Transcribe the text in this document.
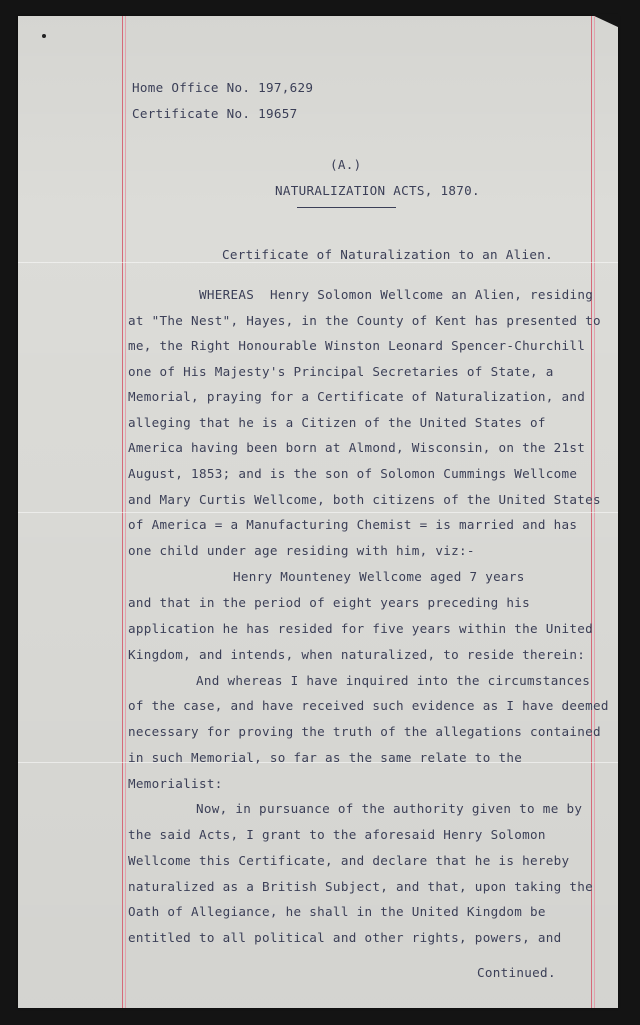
Home Office No. 197,629
Certificate No. 19657
(A.)
NATURALIZATION ACTS, 1870.
Certificate of Naturalization to an Alien.
WHEREAS  Henry Solomon Wellcome an Alien, residing
at "The Nest", Hayes, in the County of Kent has presented to
me, the Right Honourable Winston Leonard Spencer-Churchill
one of His Majesty's Principal Secretaries of State, a
Memorial, praying for a Certificate of Naturalization, and
alleging that he is a Citizen of the United States of
America having been born at Almond, Wisconsin, on the 21st
August, 1853; and is the son of Solomon Cummings Wellcome
and Mary Curtis Wellcome, both citizens of the United States
of America = a Manufacturing Chemist = is married and has
one child under age residing with him, viz:-
Henry Mounteney Wellcome aged 7 years
and that in the period of eight years preceding his
application he has resided for five years within the United
Kingdom, and intends, when naturalized, to reside therein:
And whereas I have inquired into the circumstances
of the case, and have received such evidence as I have deemed
necessary for proving the truth of the allegations contained
in such Memorial, so far as the same relate to the
Memorialist:
Now, in pursuance of the authority given to me by
the said Acts, I grant to the aforesaid Henry Solomon
Wellcome this Certificate, and declare that he is hereby
naturalized as a British Subject, and that, upon taking the
Oath of Allegiance, he shall in the United Kingdom be
entitled to all political and other rights, powers, and
Continued.
